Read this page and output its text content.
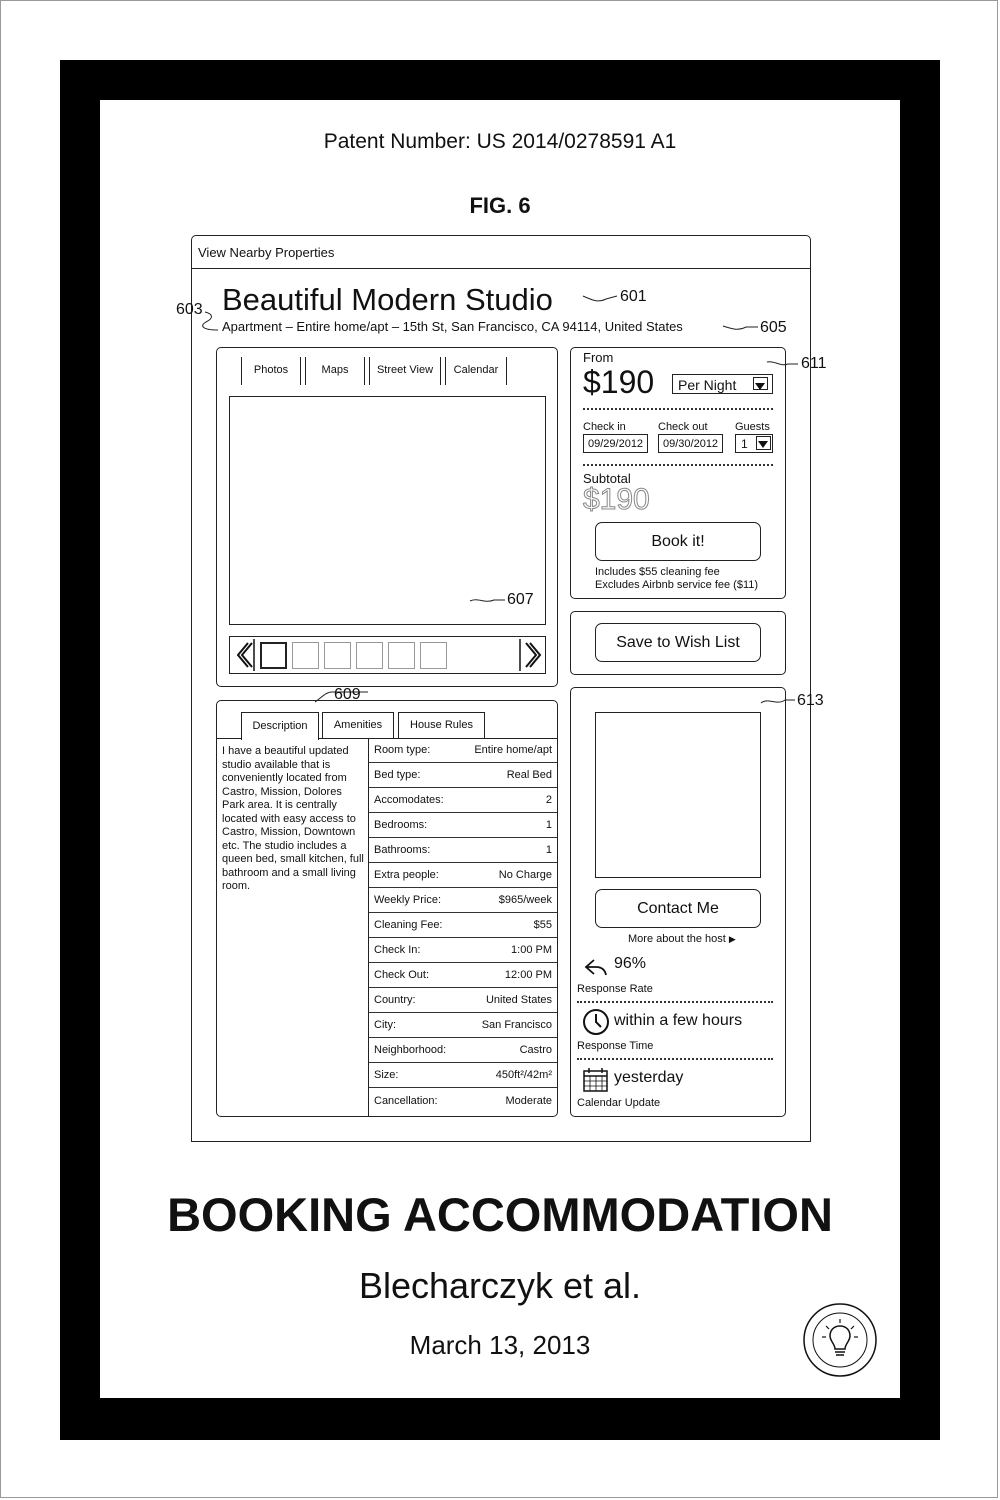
Patent Number: US 2014/0278591 A1
FIG. 6
View Nearby Properties
Beautiful Modern Studio
Apartment – Entire home/apt – 15th St, San Francisco, CA 94114, United States
601
603
605
607
609
611
613
Photos	Maps	Street View	Calendar
From
$190	Per Night
Check in
09/29/2012
Check out
09/30/2012
Guests
1
Subtotal
$190
Book it!
Includes $55 cleaning fee
Excludes Airbnb service fee ($11)
Save to Wish List
Description	Amenities	House Rules
I have a beautiful updated studio available that is conveniently located from Castro, Mission, Dolores Park area. It is centrally located with easy access to Castro, Mission, Downtown etc. The studio includes a queen bed, small kitchen, full bathroom and a small living room.
Room type:	Entire home/apt
Bed type:	Real Bed
Accomodates:	2
Bedrooms:	1
Bathrooms:	1
Extra people:	No Charge
Weekly Price:	$965/week
Cleaning Fee:	$55
Check In:	1:00 PM
Check Out:	12:00 PM
Country:	United States
City:	San Francisco
Neighborhood:	Castro
Size:	450ft²/42m²
Cancellation:	Moderate
Contact Me
More about the host ▶
96%
Response Rate
within a few hours
Response Time
yesterday
Calendar Update
BOOKING ACCOMMODATION
Blecharczyk et al.
March 13, 2013
